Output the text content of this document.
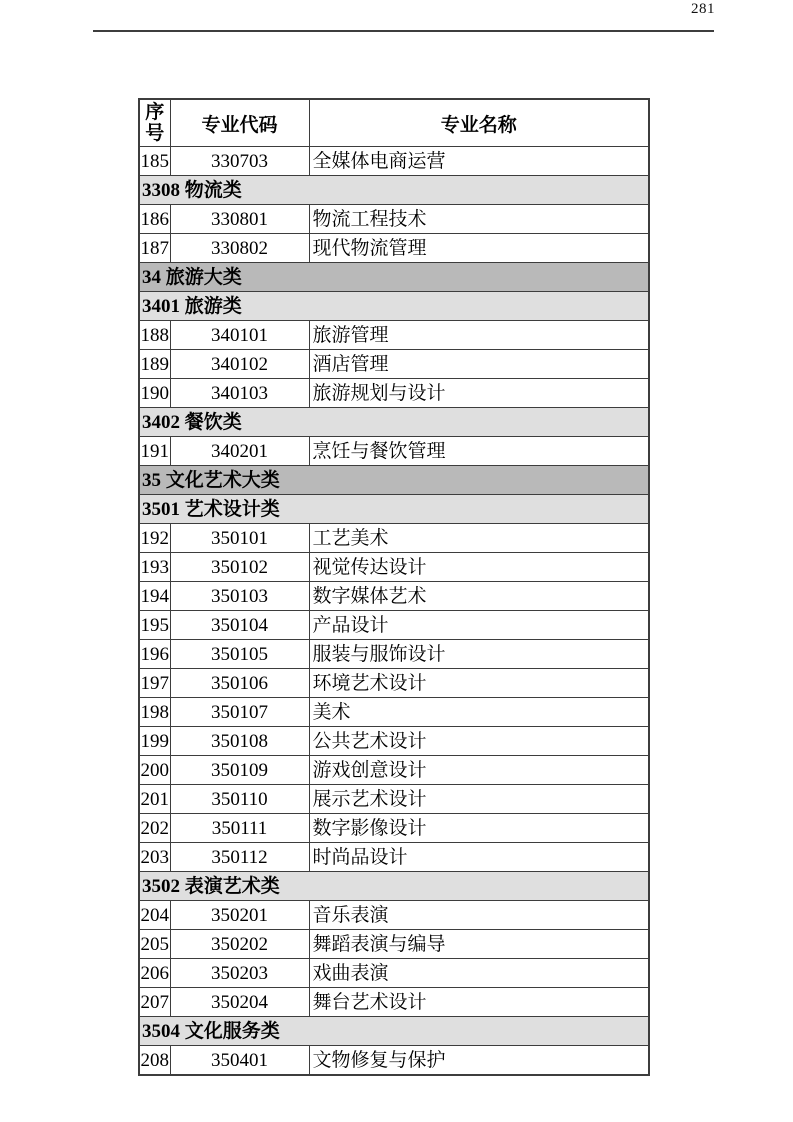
281
序号	专业代码	专业名称
185	330703	全媒体电商运营
3308 物流类		
186	330801	物流工程技术
187	330802	现代物流管理
34 旅游大类		
3401 旅游类		
188	340101	旅游管理
189	340102	酒店管理
190	340103	旅游规划与设计
3402 餐饮类		
191	340201	烹饪与餐饮管理
35 文化艺术大类		
3501 艺术设计类		
192	350101	工艺美术
193	350102	视觉传达设计
194	350103	数字媒体艺术
195	350104	产品设计
196	350105	服装与服饰设计
197	350106	环境艺术设计
198	350107	美术
199	350108	公共艺术设计
200	350109	游戏创意设计
201	350110	展示艺术设计
202	350111	数字影像设计
203	350112	时尚品设计
3502 表演艺术类		
204	350201	音乐表演
205	350202	舞蹈表演与编导
206	350203	戏曲表演
207	350204	舞台艺术设计
3504 文化服务类		
208	350401	文物修复与保护
